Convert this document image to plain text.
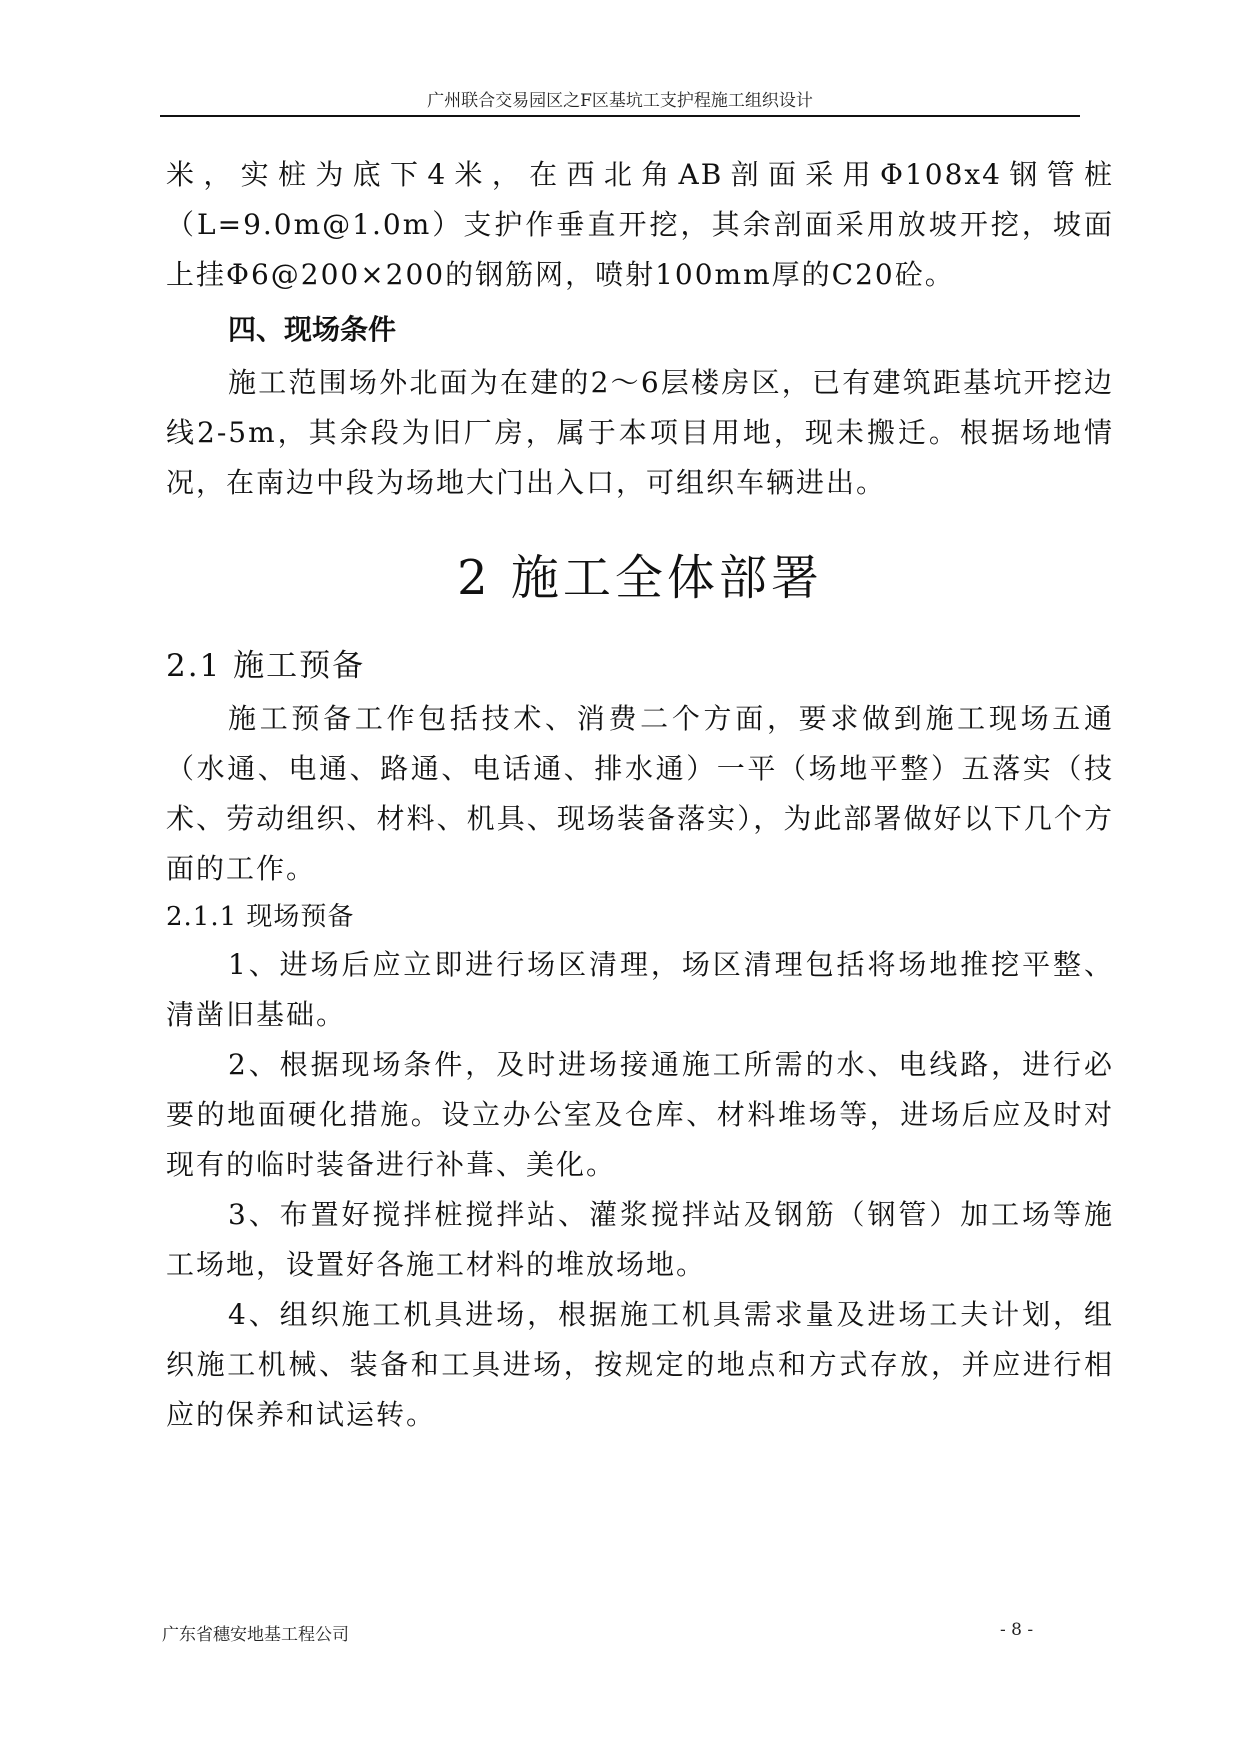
广州联合交易园区之F区基坑工支护程施工组织设计

米，实桩为底下4米，在西北角AB剖面采用Φ108x4钢管桩（L=9.0m@1.0m）支护作垂直开挖，其余剖面采用放坡开挖，坡面上挂Φ6@200×200的钢筋网，喷射100mm厚的C20砼。

四、现场条件

施工范围场外北面为在建的2～6层楼房区，已有建筑距基坑开挖边线2-5m，其余段为旧厂房，属于本项目用地，现未搬迁。根据场地情况，在南边中段为场地大门出入口，可组织车辆进出。

2 施工全体部署
2.1 施工预备

施工预备工作包括技术、消费二个方面，要求做到施工现场五通（水通、电通、路通、电话通、排水通）一平（场地平整）五落实（技术、劳动组织、材料、机具、现场装备落实），为此部署做好以下几个方面的工作。

2.1.1 现场预备

1、进场后应立即进行场区清理，场区清理包括将场地推挖平整、清凿旧基础。

2、根据现场条件，及时进场接通施工所需的水、电线路，进行必要的地面硬化措施。设立办公室及仓库、材料堆场等，进场后应及时对现有的临时装备进行补葺、美化。

3、布置好搅拌桩搅拌站、灌浆搅拌站及钢筋（钢管）加工场等施工场地，设置好各施工材料的堆放场地。

4、组织施工机具进场，根据施工机具需求量及进场工夫计划，组织施工机械、装备和工具进场，按规定的地点和方式存放，并应进行相应的保养和试运转。

广东省穗安地基工程公司	- 8 -
